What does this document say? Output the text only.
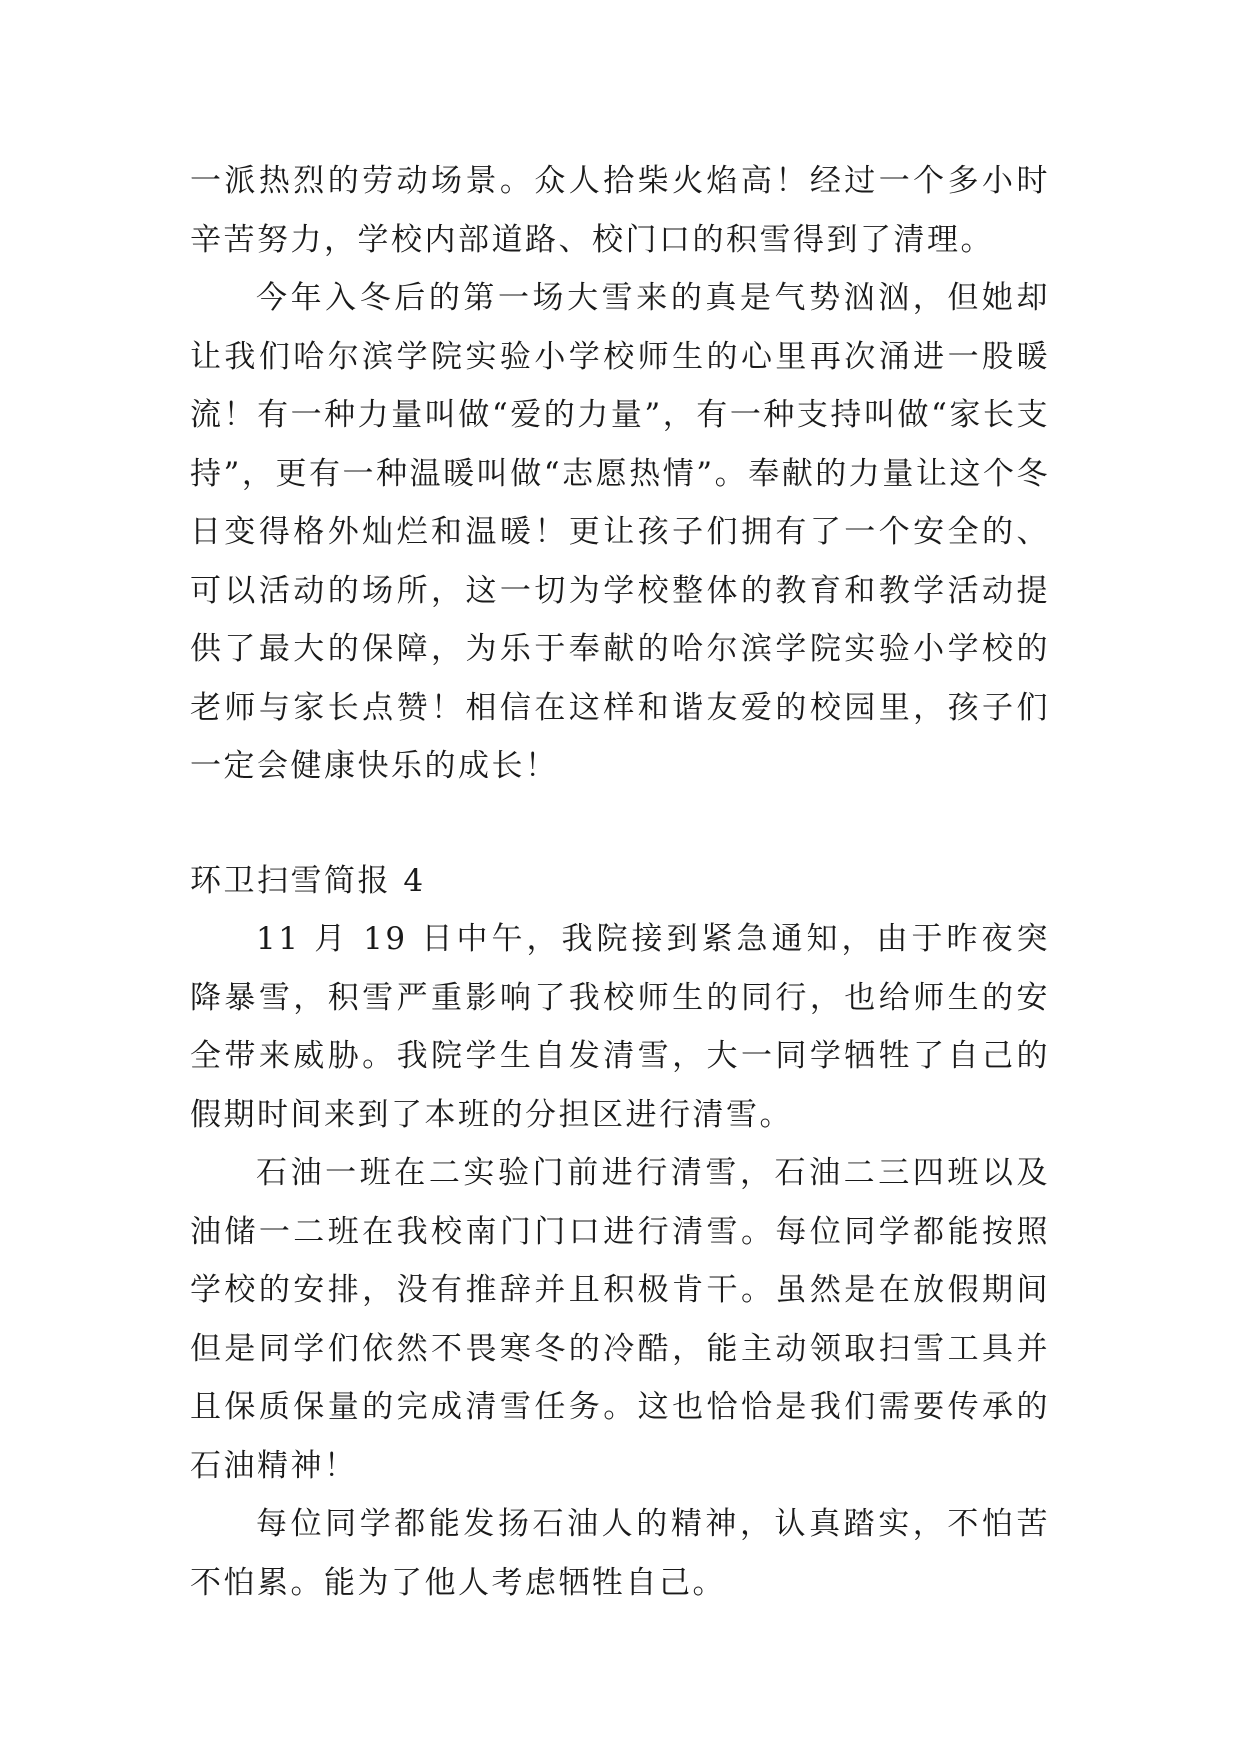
一派热烈的劳动场景。众人拾柴火焰高！经过一个多小时辛苦努力，学校内部道路、校门口的积雪得到了清理。

今年入冬后的第一场大雪来的真是气势汹汹，但她却让我们哈尔滨学院实验小学校师生的心里再次涌进一股暖流！有一种力量叫做“爱的力量”，有一种支持叫做“家长支持”，更有一种温暖叫做“志愿热情”。奉献的力量让这个冬日变得格外灿烂和温暖！更让孩子们拥有了一个安全的、可以活动的场所，这一切为学校整体的教育和教学活动提供了最大的保障，为乐于奉献的哈尔滨学院实验小学校的老师与家长点赞！相信在这样和谐友爱的校园里，孩子们一定会健康快乐的成长！

环卫扫雪简报 4

11 月 19 日中午，我院接到紧急通知，由于昨夜突降暴雪，积雪严重影响了我校师生的同行，也给师生的安全带来威胁。我院学生自发清雪，大一同学牺牲了自己的假期时间来到了本班的分担区进行清雪。

石油一班在二实验门前进行清雪，石油二三四班以及油储一二班在我校南门门口进行清雪。每位同学都能按照学校的安排，没有推辞并且积极肯干。虽然是在放假期间但是同学们依然不畏寒冬的冷酷，能主动领取扫雪工具并且保质保量的完成清雪任务。这也恰恰是我们需要传承的石油精神！

每位同学都能发扬石油人的精神，认真踏实，不怕苦不怕累。能为了他人考虑牺牲自己。
